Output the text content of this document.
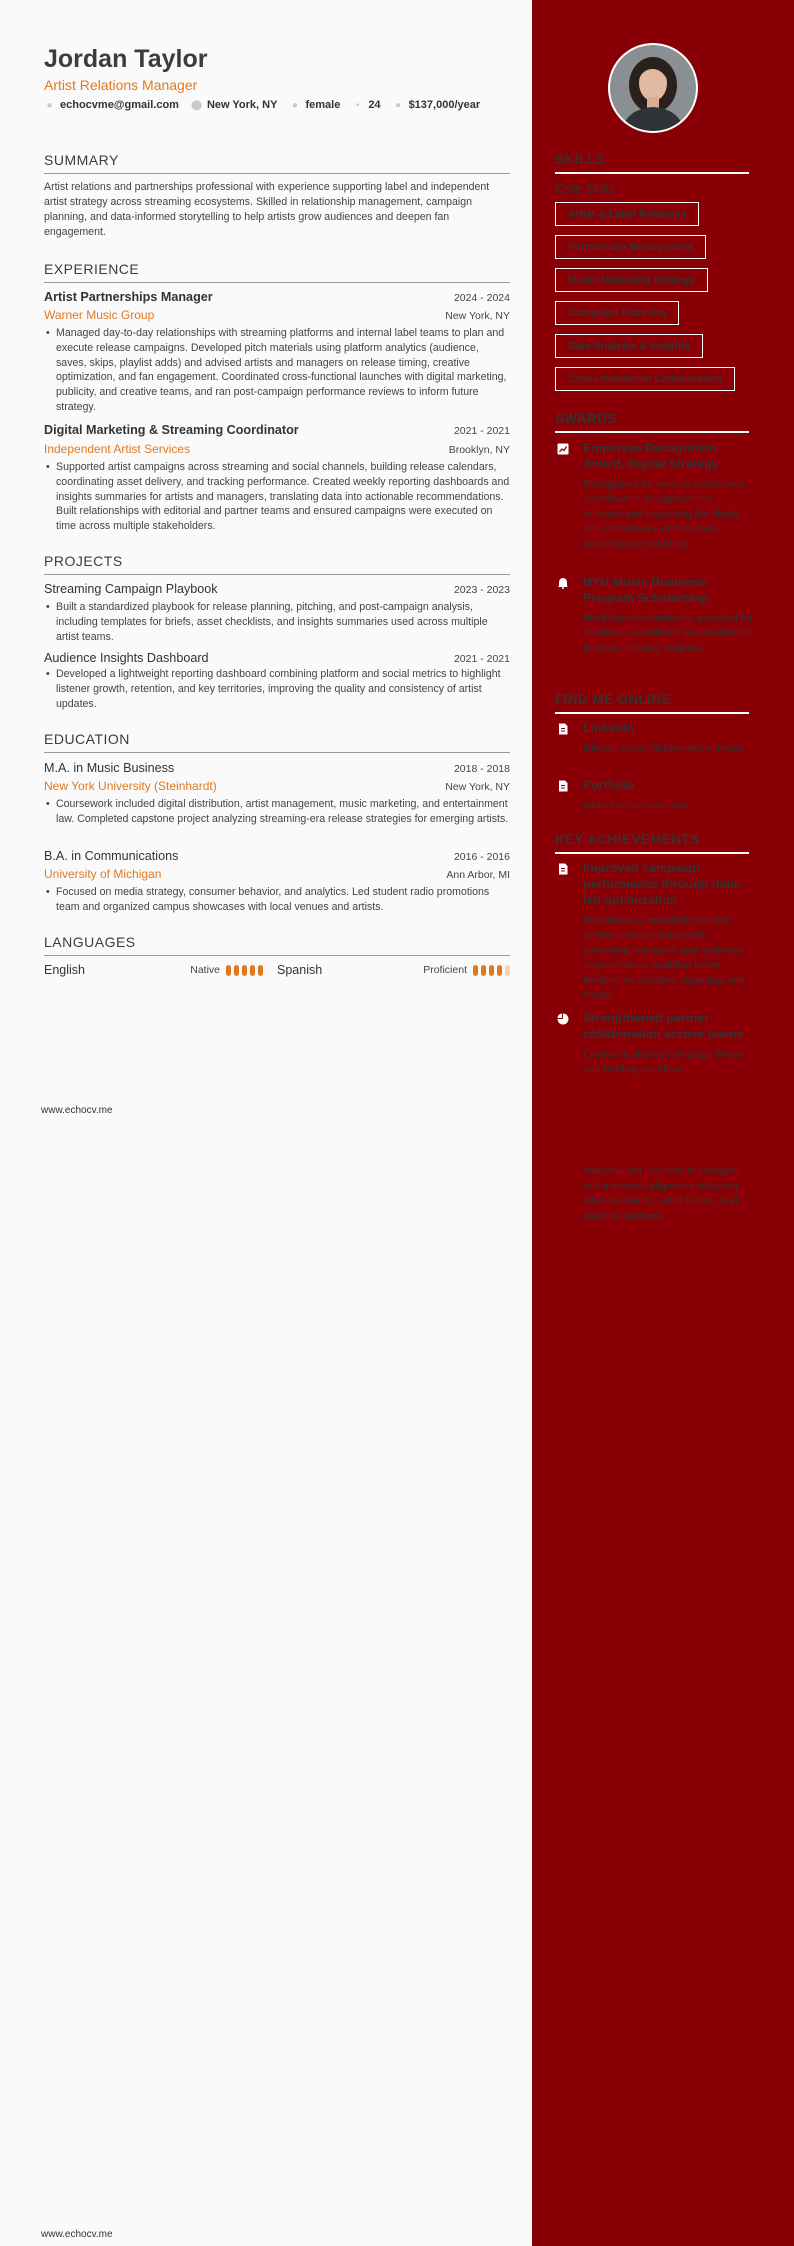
Jordan Taylor
Artist Relations Manager
● echocvme@gmail.com ⬤ New York, NY ● female	▪ 24 ● $137,000/year
SUMMARY
Artist relations and partnerships professional with experience supporting label and independent artist strategy across streaming ecosystems. Skilled in relationship management, campaign planning, and data-informed storytelling to help artists grow audiences and deepen fan engagement.
EXPERIENCE
Artist Partnerships Manager	2024 - 2024
Warner Music Group	New York, NY
• Managed day-to-day relationships with streaming platforms and internal label teams to plan and execute release campaigns. Developed pitch materials using platform analytics (audience, saves, skips, playlist adds) and advised artists and managers on release timing, creative optimization, and fan engagement. Coordinated cross-functional launches with digital marketing, publicity, and creative teams, and ran post-campaign performance reviews to inform future strategy.
Digital Marketing & Streaming Coordinator	2021 - 2021
Independent Artist Services	Brooklyn, NY
• Supported artist campaigns across streaming and social channels, building release calendars, coordinating asset delivery, and tracking performance. Created weekly reporting dashboards and insights summaries for artists and managers, translating data into actionable recommendations. Built relationships with editorial and partner teams and ensured campaigns were executed on time across multiple stakeholders.
PROJECTS
Streaming Campaign Playbook	2023 - 2023
• Built a standardized playbook for release planning, pitching, and post-campaign analysis, including templates for briefs, asset checklists, and insights summaries used across multiple artist teams.
Audience Insights Dashboard	2021 - 2021
• Developed a lightweight reporting dashboard combining platform and social metrics to highlight listener growth, retention, and key territories, improving the quality and consistency of artist updates.
EDUCATION
M.A. in Music Business	2018 - 2018
New York University (Steinhardt)	New York, NY
• Coursework included digital distribution, artist management, music marketing, and entertainment law. Completed capstone project analyzing streaming-era release strategies for emerging artists.
B.A. in Communications	2016 - 2016
University of Michigan	Ann Arbor, MI
• Focused on media strategy, consumer behavior, and analytics. Led student radio promotions team and organized campus showcases with local venues and artists.
LANGUAGES
English	Native	Spanish	Proficient
www.echocv.me
www.echocv.me
SKILLS
Core Skills
Artist & Label Relations
Partnership Management
Music Marketing Strategy
Campaign Planning
Data Analysis & Insights
Cross-functional Collaboration
AWARDS
Employee Recognition Award, Digital Strategy
Recognized for leading cross-team coordination on high-priority releases and improving the clarity and consistency of streaming performance reporting.
NYU Music Business Program Scholarship
Merit-based scholarship awarded for academic excellence and leadership in music industry projects.
FIND ME ONLINE
LinkedIn
linkedin.com/in/jordan-taylor-music
Portfolio
jordantaylormusic.com
KEY ACHIEVEMENTS
Improved campaign performance through data-led optimization
Introduced a repeatable release review process using early streaming indicators and audience segmentation, enabling faster iteration on creative, targeting, and timing.
Strengthened partner collaboration across teams
Created a shared campaign intake and briefing workflow
that reduced last-minute changes and improved alignment between label marketing, artist teams, and platform partners.
